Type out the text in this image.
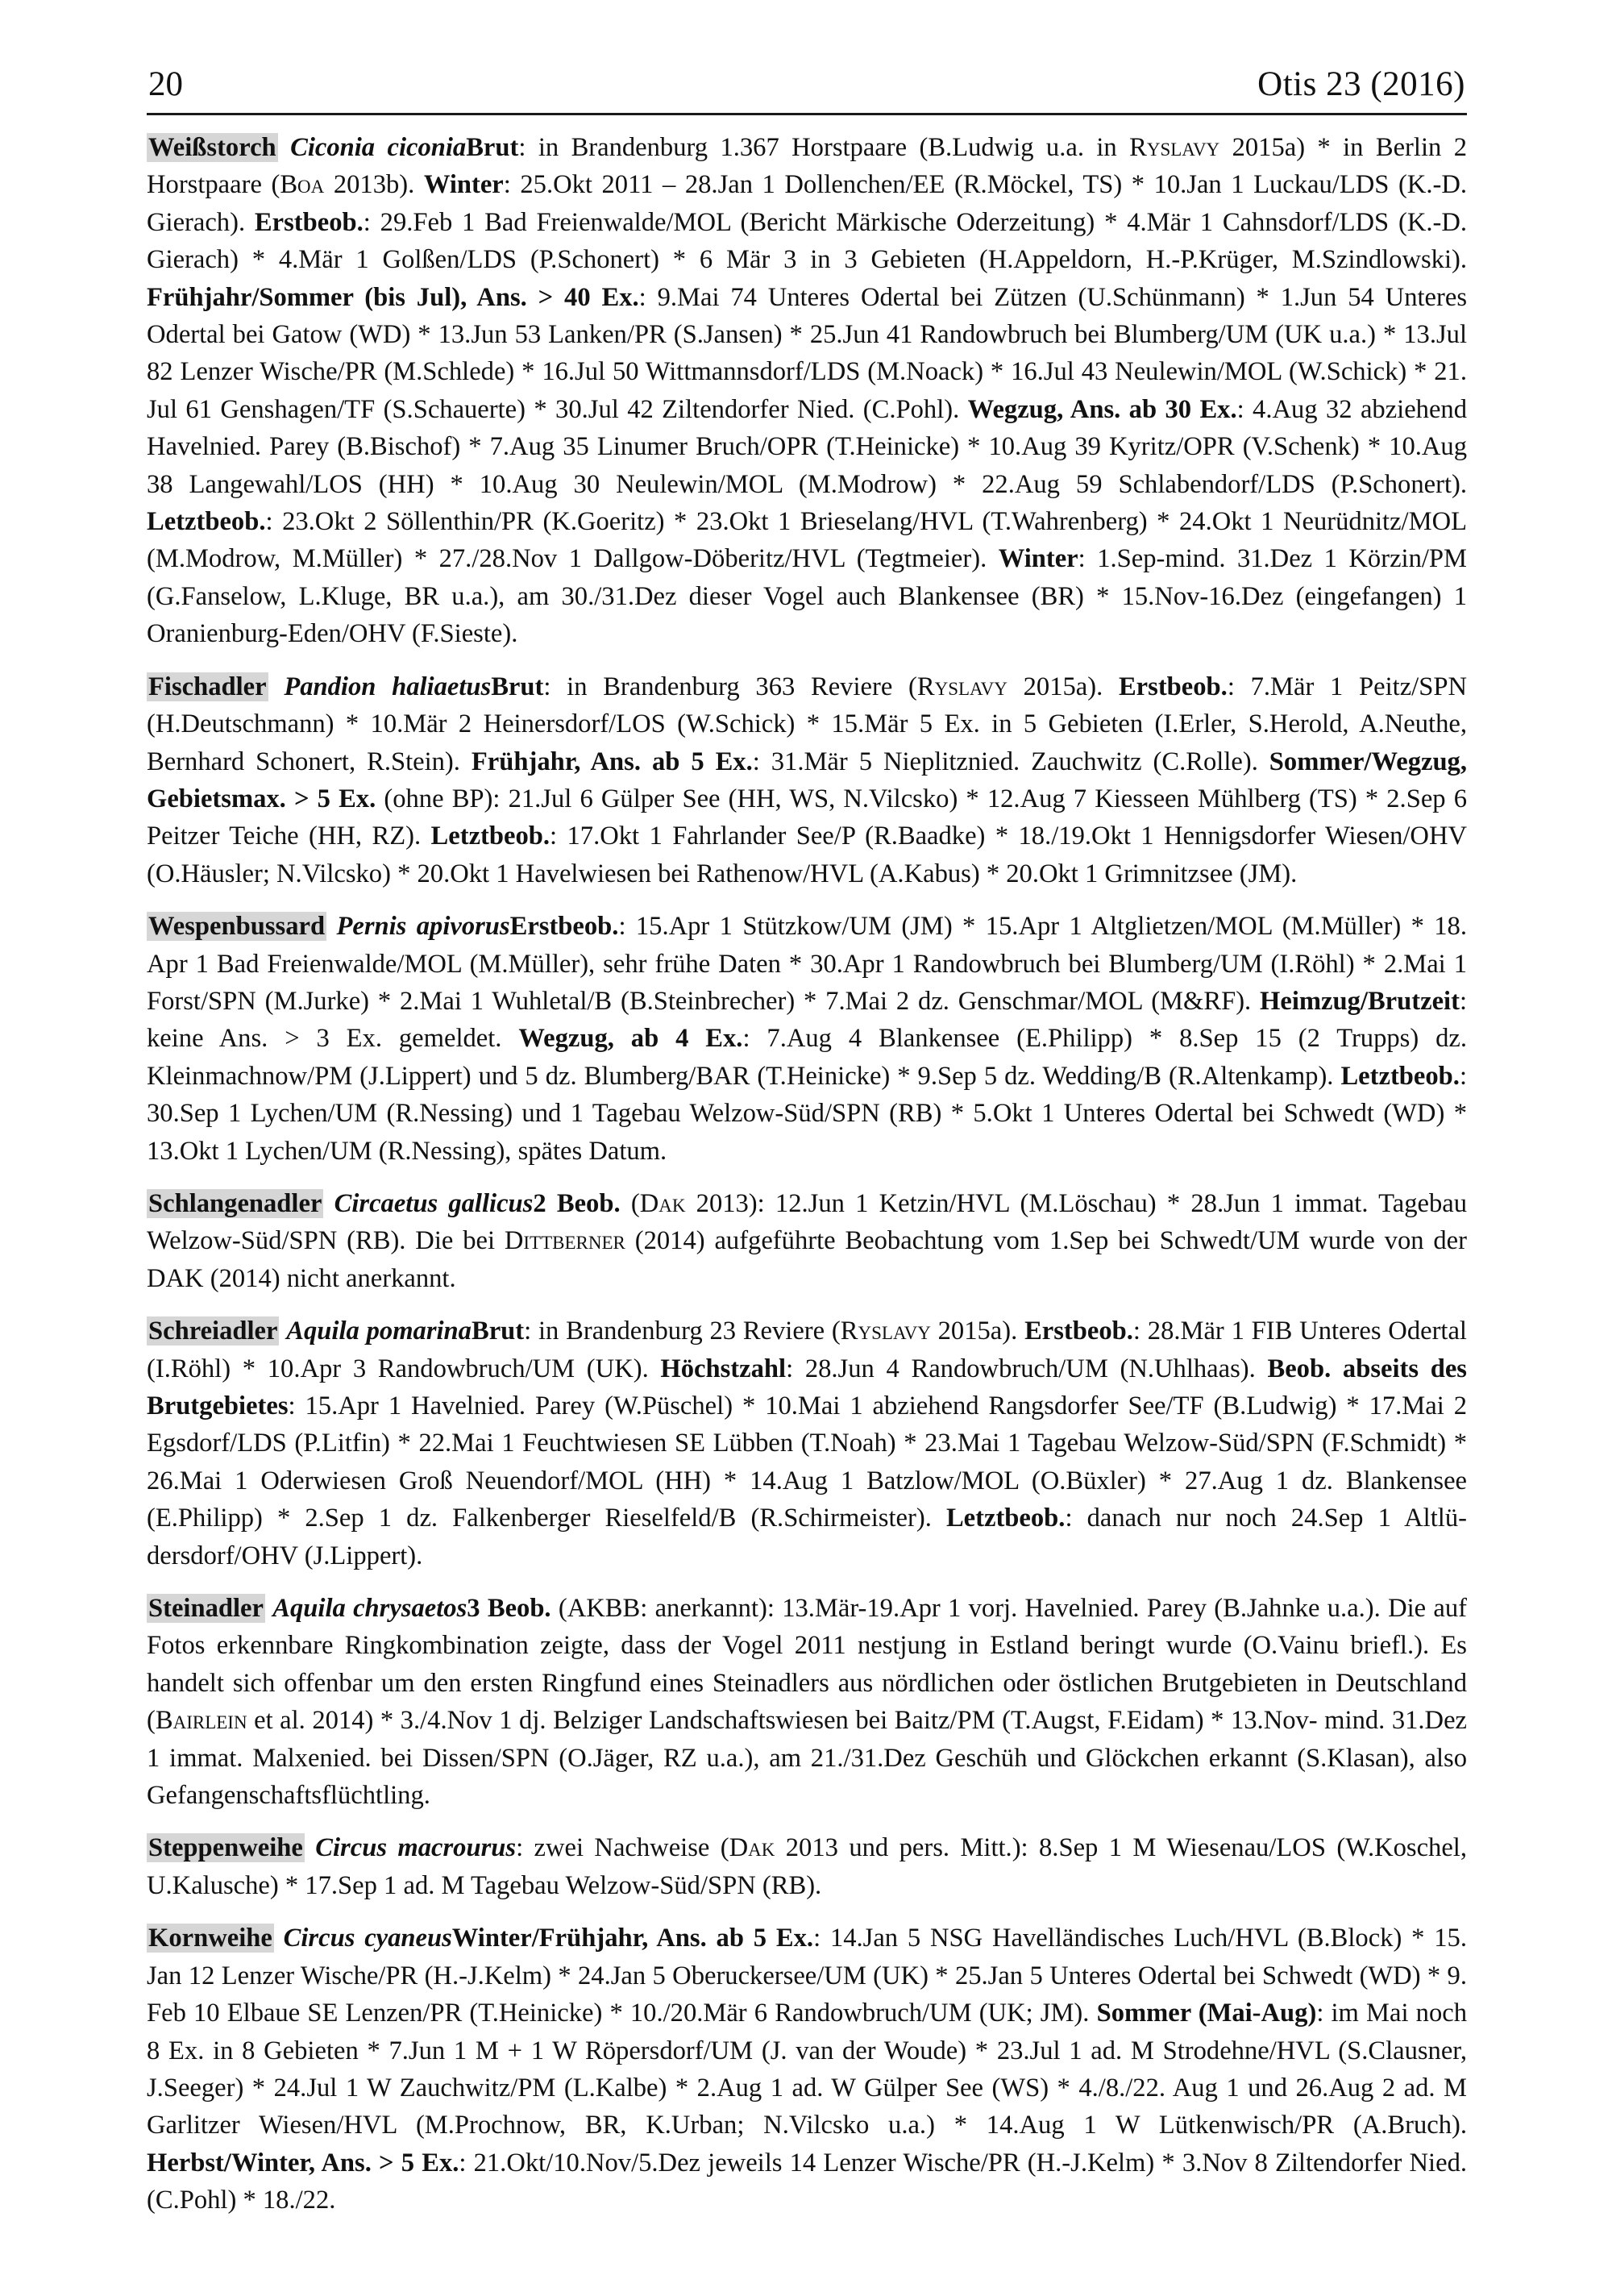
20	Otis 23 (2016)

Weißstorch Ciconia ciconiaBrut: in Brandenburg 1.367 Horstpaare (B.Ludwig u.a. in Ryslavy 2015a) * in Berlin 2 Horstpaare (Boa 2013b). Winter: 25.Okt 2011 – 28.Jan 1 Dollenchen/EE (R.Möckel, TS) * 10.Jan 1 Luckau/LDS (K.-D. Gierach). Erstbeob.: 29.Feb 1 Bad Freienwalde/MOL (Bericht Märkische Oderzeitung) * 4.Mär 1 Cahnsdorf/LDS (K.-D. Gierach) * 4.Mär 1 Golßen/LDS (P.Schonert) * 6 Mär 3 in 3 Gebieten (H.Appeldorn, H.-P.Krüger, M.Szindlowski). Frühjahr/Sommer (bis Jul), Ans. > 40 Ex.: 9.Mai 74 Unteres Odertal bei Zützen (U.Schünmann) * 1.Jun 54 Unteres Odertal bei Gatow (WD) * 13.Jun 53 Lanken/PR (S.Jansen) * 25.Jun 41 Randowbruch bei Blumberg/UM (UK u.a.) * 13.Jul 82 Lenzer Wische/PR (M.Schlede) * 16.Jul 50 Wittmannsdorf/LDS (M.Noack) * 16.Jul 43 Neulewin/MOL (W.Schick) * 21. Jul 61 Genshagen/TF (S.Schauerte) * 30.Jul 42 Ziltendorfer Nied. (C.Pohl). Wegzug, Ans. ab 30 Ex.: 4.Aug 32 abziehend Havelnied. Parey (B.Bischof) * 7.Aug 35 Linumer Bruch/OPR (T.Heinicke) * 10.Aug 39 Kyritz/OPR (V.Schenk) * 10.Aug 38 Langewahl/LOS (HH) * 10.Aug 30 Neulewin/MOL (M.Modrow) * 22.Aug 59 Schlabendorf/LDS (P.Schonert). Letztbeob.: 23.Okt 2 Söllenthin/PR (K.Goeritz) * 23.Okt 1 Brieselang/HVL (T.Wahrenberg) * 24.Okt 1 Neurüdnitz/MOL (M.Modrow, M.Müller) * 27./28.Nov 1 Dallgow-Döberitz/HVL (Tegtmeier). Winter: 1.Sep-mind. 31.Dez 1 Körzin/PM (G.Fanselow, L.Kluge, BR u.a.), am 30./31.Dez dieser Vogel auch Blankensee (BR) * 15.Nov-16.Dez (eingefangen) 1 Oranienburg-Eden/OHV (F.Sieste).

Fischadler Pandion haliaetusBrut: in Brandenburg 363 Reviere (Ryslavy 2015a). Erstbeob.: 7.Mär 1 Peitz/SPN (H.Deutschmann) * 10.Mär 2 Heinersdorf/LOS (W.Schick) * 15.Mär 5 Ex. in 5 Gebieten (I.Erler, S.Herold, A.Neuthe, Bernhard Schonert, R.Stein). Frühjahr, Ans. ab 5 Ex.: 31.Mär 5 Nieplitznied. Zauchwitz (C.Rolle). Sommer/Wegzug, Gebietsmax. > 5 Ex. (ohne BP): 21.Jul 6 Gülper See (HH, WS, N.Vilcsko) * 12.Aug 7 Kiesseen Mühlberg (TS) * 2.Sep 6 Peitzer Teiche (HH, RZ). Letztbeob.: 17.Okt 1 Fahrlander See/P (R.Baadke) * 18./19.Okt 1 Hennigsdorfer Wiesen/OHV (O.Häusler; N.Vilcsko) * 20.Okt 1 Havelwiesen bei Rathenow/HVL (A.Kabus) * 20.Okt 1 Grimnitzsee (JM).

Wespenbussard Pernis apivorusErstbeob.: 15.Apr 1 Stützkow/UM (JM) * 15.Apr 1 Altglietzen/MOL (M.Müller) * 18. Apr 1 Bad Freienwalde/MOL (M.Müller), sehr frühe Daten * 30.Apr 1 Randowbruch bei Blumberg/UM (I.Röhl) * 2.Mai 1 Forst/SPN (M.Jurke) * 2.Mai 1 Wuhletal/B (B.Steinbrecher) * 7.Mai 2 dz. Genschmar/MOL (M&RF). Heimzug/Brutzeit: keine Ans. > 3 Ex. gemeldet. Wegzug, ab 4 Ex.: 7.Aug 4 Blankensee (E.Philipp) * 8.Sep 15 (2 Trupps) dz. Kleinmachnow/PM (J.Lippert) und 5 dz. Blumberg/BAR (T.Heinicke) * 9.Sep 5 dz. Wedding/B (R.Altenkamp). Letztbeob.: 30.Sep 1 Lychen/UM (R.Nessing) und 1 Tagebau Welzow-Süd/SPN (RB) * 5.Okt 1 Unteres Odertal bei Schwedt (WD) * 13.Okt 1 Lychen/UM (R.Nessing), spätes Datum.

Schlangenadler Circaetus gallicus2 Beob. (Dak 2013): 12.Jun 1 Ketzin/HVL (M.Löschau) * 28.Jun 1 immat. Tagebau Welzow-Süd/SPN (RB). Die bei Dittberner (2014) aufgeführte Beobachtung vom 1.Sep bei Schwedt/UM wurde von der DAK (2014) nicht anerkannt.

Schreiadler Aquila pomarinaBrut: in Brandenburg 23 Reviere (Ryslavy 2015a). Erstbeob.: 28.Mär 1 FIB Unteres Odertal (I.Röhl) * 10.Apr 3 Randowbruch/UM (UK). Höchstzahl: 28.Jun 4 Randowbruch/UM (N.Uhlhaas). Beob. abseits des Brutgebietes: 15.Apr 1 Havelnied. Parey (W.Püschel) * 10.Mai 1 abziehend Rangsdorfer See/TF (B.Ludwig) * 17.Mai 2 Egsdorf/LDS (P.Litfin) * 22.Mai 1 Feuchtwiesen SE Lübben (T.Noah) * 23.Mai 1 Tagebau Welzow-Süd/SPN (F.Schmidt) * 26.Mai 1 Oderwiesen Groß Neuendorf/MOL (HH) * 14.Aug 1 Batzlow/MOL (O.Büxler) * 27.Aug 1 dz. Blankensee (E.Philipp) * 2.Sep 1 dz. Falkenberger Rieselfeld/B (R.Schirmeister). Letztbeob.: danach nur noch 24.Sep 1 Altlüdersdorf/OHV (J.Lippert).

Steinadler Aquila chrysaetos3 Beob. (AKBB: anerkannt): 13.Mär-19.Apr 1 vorj. Havelnied. Parey (B.Jahnke u.a.). Die auf Fotos erkennbare Ringkombination zeigte, dass der Vogel 2011 nestjung in Estland beringt wurde (O.Vainu briefl.). Es handelt sich offenbar um den ersten Ringfund eines Steinadlers aus nördlichen oder östlichen Brutgebieten in Deutschland (Bairlein et al. 2014) * 3./4.Nov 1 dj. Belziger Landschaftswiesen bei Baitz/PM (T.Augst, F.Eidam) * 13.Nov- mind. 31.Dez 1 immat. Malxenied. bei Dissen/SPN (O.Jäger, RZ u.a.), am 21./31.Dez Geschüh und Glöckchen erkannt (S.Klasan), also Gefangenschaftsflüchtling.

Steppenweihe Circus macrourus: zwei Nachweise (Dak 2013 und pers. Mitt.): 8.Sep 1 M Wiesenau/LOS (W.Koschel, U.Kalusche) * 17.Sep 1 ad. M Tagebau Welzow-Süd/SPN (RB).

Kornweihe Circus cyaneusWinter/Frühjahr, Ans. ab 5 Ex.: 14.Jan 5 NSG Havelländisches Luch/HVL (B.Block) * 15. Jan 12 Lenzer Wische/PR (H.-J.Kelm) * 24.Jan 5 Oberuckersee/UM (UK) * 25.Jan 5 Unteres Odertal bei Schwedt (WD) * 9. Feb 10 Elbaue SE Lenzen/PR (T.Heinicke) * 10./20.Mär 6 Randowbruch/UM (UK; JM). Sommer (Mai-Aug): im Mai noch 8 Ex. in 8 Gebieten * 7.Jun 1 M + 1 W Röpersdorf/UM (J. van der Woude) * 23.Jul 1 ad. M Strodehne/HVL (S.Clausner, J.Seeger) * 24.Jul 1 W Zauchwitz/PM (L.Kalbe) * 2.Aug 1 ad. W Gülper See (WS) * 4./8./22. Aug 1 und 26.Aug 2 ad. M Garlitzer Wiesen/HVL (M.Prochnow, BR, K.Urban; N.Vilcsko u.a.) * 14.Aug 1 W Lütkenwisch/PR (A.Bruch). Herbst/Winter, Ans. > 5 Ex.: 21.Okt/10.Nov/5.Dez jeweils 14 Lenzer Wische/PR (H.-J.Kelm) * 3.Nov 8 Ziltendorfer Nied. (C.Pohl) * 18./22.
